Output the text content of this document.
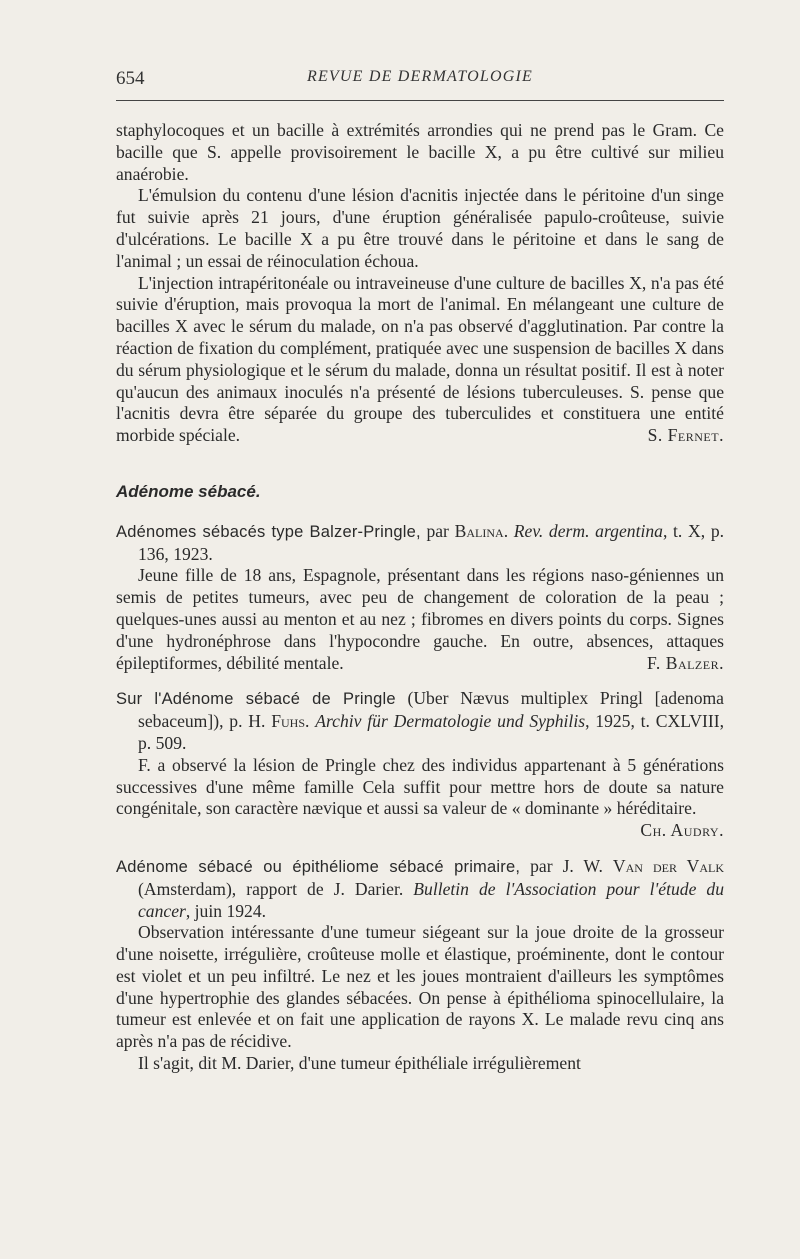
654	REVUE DE DERMATOLOGIE

staphylocoques et un bacille à extrémités arrondies qui ne prend pas le Gram. Ce bacille que S. appelle provisoirement le bacille X, a pu être cultivé sur milieu anaérobie.

L'émulsion du contenu d'une lésion d'acnitis injectée dans le péritoine d'un singe fut suivie après 21 jours, d'une éruption généralisée papulo-croûteuse, suivie d'ulcérations. Le bacille X a pu être trouvé dans le péritoine et dans le sang de l'animal ; un essai de réinoculation échoua.

L'injection intrapéritonéale ou intraveineuse d'une culture de bacilles X, n'a pas été suivie d'éruption, mais provoqua la mort de l'animal. En mélangeant une culture de bacilles X avec le sérum du malade, on n'a pas observé d'agglutination. Par contre la réaction de fixation du complément, pratiquée avec une suspension de bacilles X dans du sérum physiologique et le sérum du malade, donna un résultat positif. Il est à noter qu'aucun des animaux inoculés n'a présenté de lésions tuberculeuses. S. pense que l'acnitis devra être séparée du groupe des tuberculides et constituera une entité morbide spéciale.	S. Fernet.

Adénome sébacé.

Adénomes sébacés type Balzer-Pringle, par Balina. Rev. derm. argentina, t. X, p. 136, 1923.

Jeune fille de 18 ans, Espagnole, présentant dans les régions naso-géniennes un semis de petites tumeurs, avec peu de changement de coloration de la peau ; quelques-unes aussi au menton et au nez ; fibromes en divers points du corps. Signes d'une hydronéphrose dans l'hypocondre gauche. En outre, absences, attaques épileptiformes, débilité mentale.	F. Balzer.

Sur l'Adénome sébacé de Pringle (Uber Nævus multiplex Pringl [adenoma sebaceum]), p. H. Fuhs. Archiv für Dermatologie und Syphilis, 1925, t. CXLVIII, p. 509.

F. a observé la lésion de Pringle chez des individus appartenant à 5 générations successives d'une même famille Cela suffit pour mettre hors de doute sa nature congénitale, son caractère nævique et aussi sa valeur de « dominante » héréditaire.
Ch. Audry.

Adénome sébacé ou épithéliome sébacé primaire, par J. W. Van der Valk (Amsterdam), rapport de J. Darier. Bulletin de l'Association pour l'étude du cancer, juin 1924.

Observation intéressante d'une tumeur siégeant sur la joue droite de la grosseur d'une noisette, irrégulière, croûteuse molle et élastique, proéminente, dont le contour est violet et un peu infiltré. Le nez et les joues montraient d'ailleurs les symptômes d'une hypertrophie des glandes sébacées. On pense à épithélioma spinocellulaire, la tumeur est enlevée et on fait une application de rayons X. Le malade revu cinq ans après n'a pas de récidive.

Il s'agit, dit M. Darier, d'une tumeur épithéliale irrégulièrement
